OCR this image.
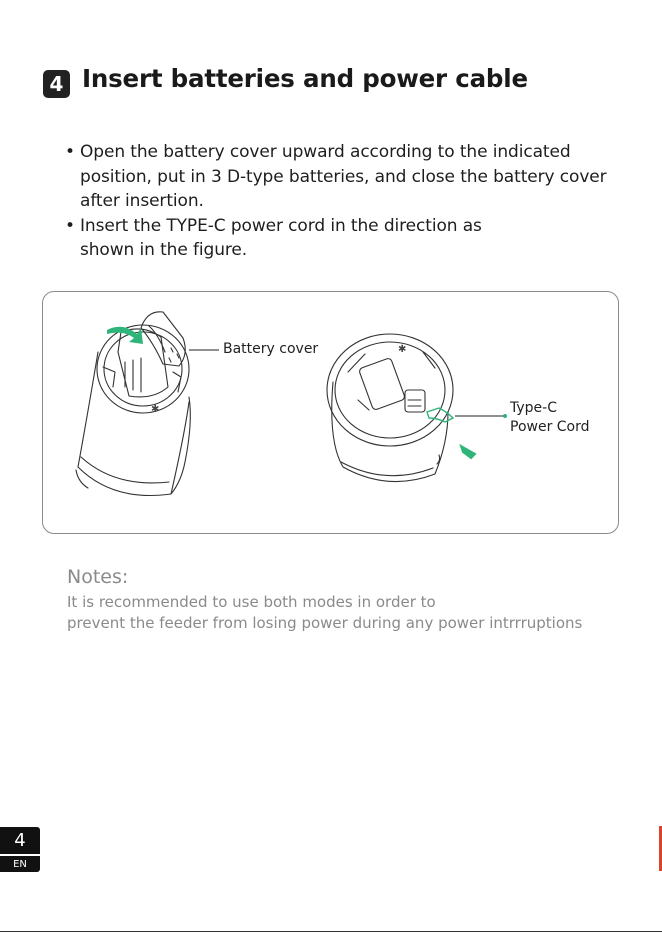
4 Insert batteries and power cable
• Open the battery cover upward according to the indicated position, put in 3 D-type batteries, and close the battery cover after insertion.
• Insert the TYPE-C power cord in the direction as shown in the figure.
✱
✱
Battery cover
Type-C
Power Cord
Notes:
It is recommended to use both modes in order to
prevent the feeder from losing power during any power intrrruptions
4
EN
